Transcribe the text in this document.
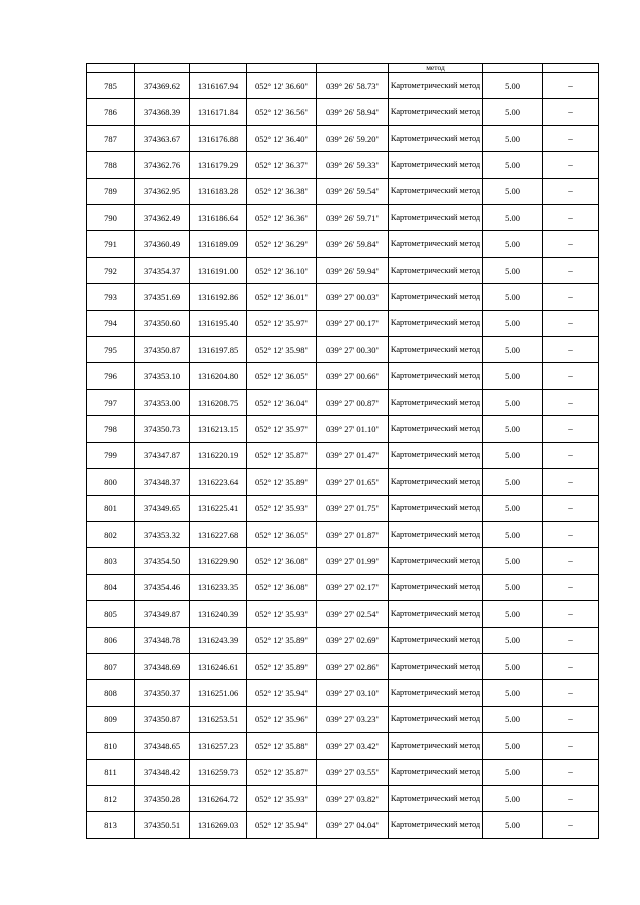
					метод		
785	374369.62	1316167.94	052° 12' 36.60"	039° 26' 58.73"	Картометрический метод	5.00	–
786	374368.39	1316171.84	052° 12' 36.56"	039° 26' 58.94"	Картометрический метод	5.00	–
787	374363.67	1316176.88	052° 12' 36.40"	039° 26' 59.20"	Картометрический метод	5.00	–
788	374362.76	1316179.29	052° 12' 36.37"	039° 26' 59.33"	Картометрический метод	5.00	–
789	374362.95	1316183.28	052° 12' 36.38"	039° 26' 59.54"	Картометрический метод	5.00	–
790	374362.49	1316186.64	052° 12' 36.36"	039° 26' 59.71"	Картометрический метод	5.00	–
791	374360.49	1316189.09	052° 12' 36.29"	039° 26' 59.84"	Картометрический метод	5.00	–
792	374354.37	1316191.00	052° 12' 36.10"	039° 26' 59.94"	Картометрический метод	5.00	–
793	374351.69	1316192.86	052° 12' 36.01"	039° 27' 00.03"	Картометрический метод	5.00	–
794	374350.60	1316195.40	052° 12' 35.97"	039° 27' 00.17"	Картометрический метод	5.00	–
795	374350.87	1316197.85	052° 12' 35.98"	039° 27' 00.30"	Картометрический метод	5.00	–
796	374353.10	1316204.80	052° 12' 36.05"	039° 27' 00.66"	Картометрический метод	5.00	–
797	374353.00	1316208.75	052° 12' 36.04"	039° 27' 00.87"	Картометрический метод	5.00	–
798	374350.73	1316213.15	052° 12' 35.97"	039° 27' 01.10"	Картометрический метод	5.00	–
799	374347.87	1316220.19	052° 12' 35.87"	039° 27' 01.47"	Картометрический метод	5.00	–
800	374348.37	1316223.64	052° 12' 35.89"	039° 27' 01.65"	Картометрический метод	5.00	–
801	374349.65	1316225.41	052° 12' 35.93"	039° 27' 01.75"	Картометрический метод	5.00	–
802	374353.32	1316227.68	052° 12' 36.05"	039° 27' 01.87"	Картометрический метод	5.00	–
803	374354.50	1316229.90	052° 12' 36.08"	039° 27' 01.99"	Картометрический метод	5.00	–
804	374354.46	1316233.35	052° 12' 36.08"	039° 27' 02.17"	Картометрический метод	5.00	–
805	374349.87	1316240.39	052° 12' 35.93"	039° 27' 02.54"	Картометрический метод	5.00	–
806	374348.78	1316243.39	052° 12' 35.89"	039° 27' 02.69"	Картометрический метод	5.00	–
807	374348.69	1316246.61	052° 12' 35.89"	039° 27' 02.86"	Картометрический метод	5.00	–
808	374350.37	1316251.06	052° 12' 35.94"	039° 27' 03.10"	Картометрический метод	5.00	–
809	374350.87	1316253.51	052° 12' 35.96"	039° 27' 03.23"	Картометрический метод	5.00	–
810	374348.65	1316257.23	052° 12' 35.88"	039° 27' 03.42"	Картометрический метод	5.00	–
811	374348.42	1316259.73	052° 12' 35.87"	039° 27' 03.55"	Картометрический метод	5.00	–
812	374350.28	1316264.72	052° 12' 35.93"	039° 27' 03.82"	Картометрический метод	5.00	–
813	374350.51	1316269.03	052° 12' 35.94"	039° 27' 04.04"	Картометрический метод	5.00	–
